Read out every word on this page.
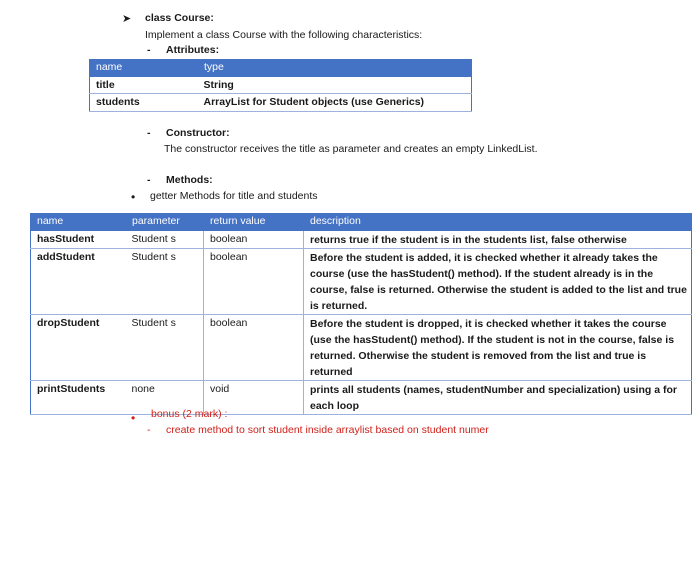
➤ class Course:
Implement a class Course with the following characteristics:
- Attributes:
name	type
title	String
students	ArrayList for Student objects (use Generics)
- Constructor:
The constructor receives the title as parameter and creates an empty LinkedList.
- Methods:
• getter Methods for title and students
name	parameter	return value	description
hasStudent	Student s	boolean	returns true if the student is in the students list, false otherwise
addStudent	Student s	boolean	Before the student is added, it is checked whether it already takes the course (use the hasStudent() method). If the student already is in the course, false is returned. Otherwise the student is added to the list and true is returned.
dropStudent	Student s	boolean	Before the student is dropped, it is checked whether it takes the course (use the hasStudent() method). If the student is not in the course, false is returned. Otherwise the student is removed from the list and true is returned
printStudents	none	void	prints all students (names, studentNumber and specialization) using a for each loop
• bonus (2 mark) :
- create method to sort student inside arraylist based on student numer
